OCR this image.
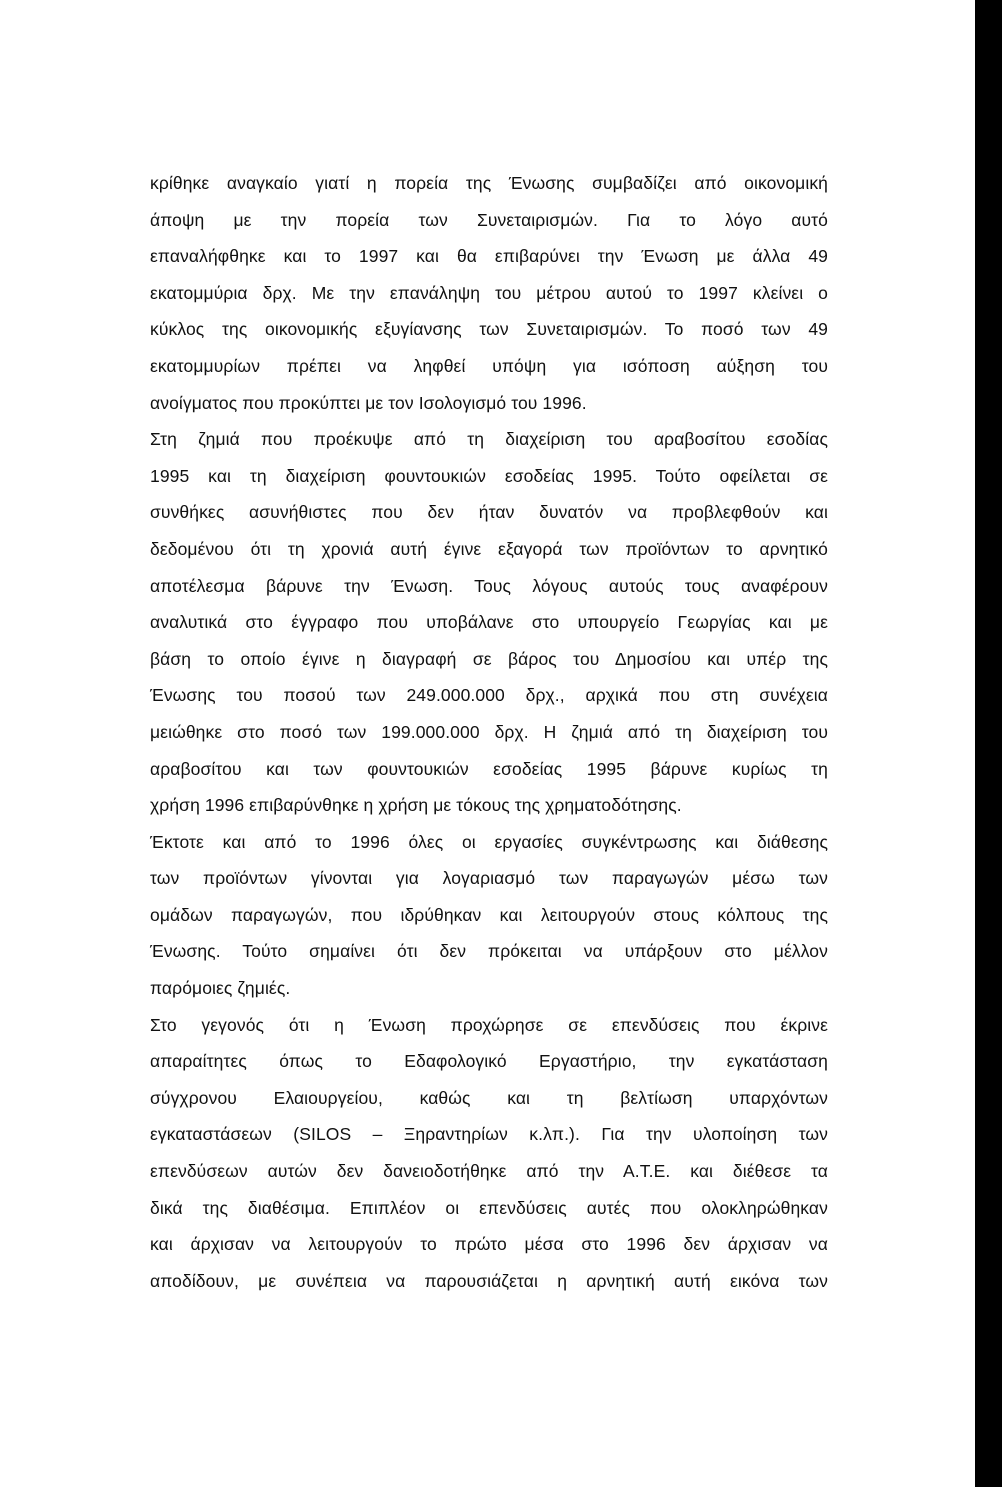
κρίθηκε αναγκαίο γιατί η πορεία της Ένωσης συμβαδίζει από οικονομική
άποψη με την πορεία των Συνεταιρισμών. Για το λόγο αυτό
επαναλήφθηκε και το 1997 και θα επιβαρύνει την Ένωση με άλλα 49
εκατομμύρια δρχ. Με την επανάληψη του μέτρου αυτού το 1997 κλείνει ο
κύκλος της οικονομικής εξυγίανσης των Συνεταιρισμών. Το ποσό των 49
εκατομμυρίων πρέπει να ληφθεί υπόψη για ισόποση αύξηση του
ανοίγματος που προκύπτει με τον Ισολογισμό του 1996.
Στη ζημιά που προέκυψε από τη διαχείριση του αραβοσίτου εσοδίας
1995 και τη διαχείριση φουντουκιών εσοδείας 1995. Τούτο οφείλεται σε
συνθήκες ασυνήθιστες που δεν ήταν δυνατόν να προβλεφθούν και
δεδομένου ότι τη χρονιά αυτή έγινε εξαγορά των προϊόντων το αρνητικό
αποτέλεσμα βάρυνε την Ένωση. Τους λόγους αυτούς τους αναφέρουν
αναλυτικά στο έγγραφο που υποβάλανε στο υπουργείο Γεωργίας και με
βάση το οποίο έγινε η διαγραφή σε βάρος του Δημοσίου και υπέρ της
Ένωσης του ποσού των 249.000.000 δρχ., αρχικά που στη συνέχεια
μειώθηκε στο ποσό των 199.000.000 δρχ. Η ζημιά από τη διαχείριση του
αραβοσίτου και των φουντουκιών εσοδείας 1995 βάρυνε κυρίως τη
χρήση 1996 επιβαρύνθηκε η χρήση με τόκους της χρηματοδότησης.
Έκτοτε και από το 1996 όλες οι εργασίες συγκέντρωσης και διάθεσης
των προϊόντων γίνονται για λογαριασμό των παραγωγών μέσω των
ομάδων παραγωγών, που ιδρύθηκαν και λειτουργούν στους κόλπους της
Ένωσης. Τούτο σημαίνει ότι δεν πρόκειται να υπάρξουν στο μέλλον
παρόμοιες ζημιές.
Στο γεγονός ότι η Ένωση προχώρησε σε επενδύσεις που έκρινε
απαραίτητες όπως το Εδαφολογικό Εργαστήριο, την εγκατάσταση
σύγχρονου Ελαιουργείου, καθώς και τη βελτίωση υπαρχόντων
εγκαταστάσεων (SILOS – Ξηραντηρίων κ.λπ.). Για την υλοποίηση των
επενδύσεων αυτών δεν δανειοδοτήθηκε από την Α.Τ.Ε. και διέθεσε τα
δικά της διαθέσιμα. Επιπλέον οι επενδύσεις αυτές που ολοκληρώθηκαν
και άρχισαν να λειτουργούν το πρώτο μέσα στο 1996 δεν άρχισαν να
αποδίδουν, με συνέπεια να παρουσιάζεται η αρνητική αυτή εικόνα των
